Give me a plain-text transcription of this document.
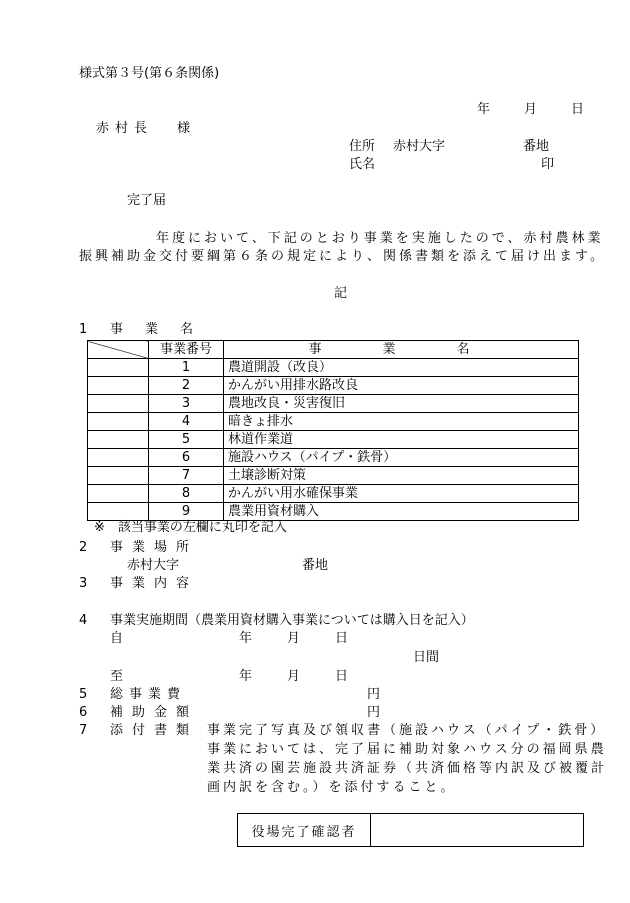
様式第３号(第６条関係)
年	月	日
赤村長 様
住所 赤村大字	番地
氏名	印
完了届
年度において、下記のとおり事業を実施したので、赤村農林業
振興補助金交付要綱第６条の規定により、関係書類を添えて届け出ます。
記
1 事業名
	事業番号	事　業　名
	1	農道開設（改良）
	2	かんがい用排水路改良
	3	農地改良・災害復旧
	4	暗きょ排水
	5	林道作業道
	6	施設ハウス（パイプ・鉄骨）
	7	土壌診断対策
	8	かんがい用水確保事業
	9	農業用資材購入
※　該当事業の左欄に丸印を記入
2 事業場所
赤村大字	番地
3 事業内容
4 事業実施期間（農業用資材購入事業については購入日を記入）
自	年	月	日
日間
至	年	月	日
5 総事業費	円
6 補助金額	円
7 添付書類 事業完了写真及び領収書（施設ハウス（パイプ・鉄骨）
事業においては、完了届に補助対象ハウス分の福岡県農
業共済の園芸施設共済証券（共済価格等内訳及び被覆計
画内訳を含む。）を添付すること。
役場完了確認者
